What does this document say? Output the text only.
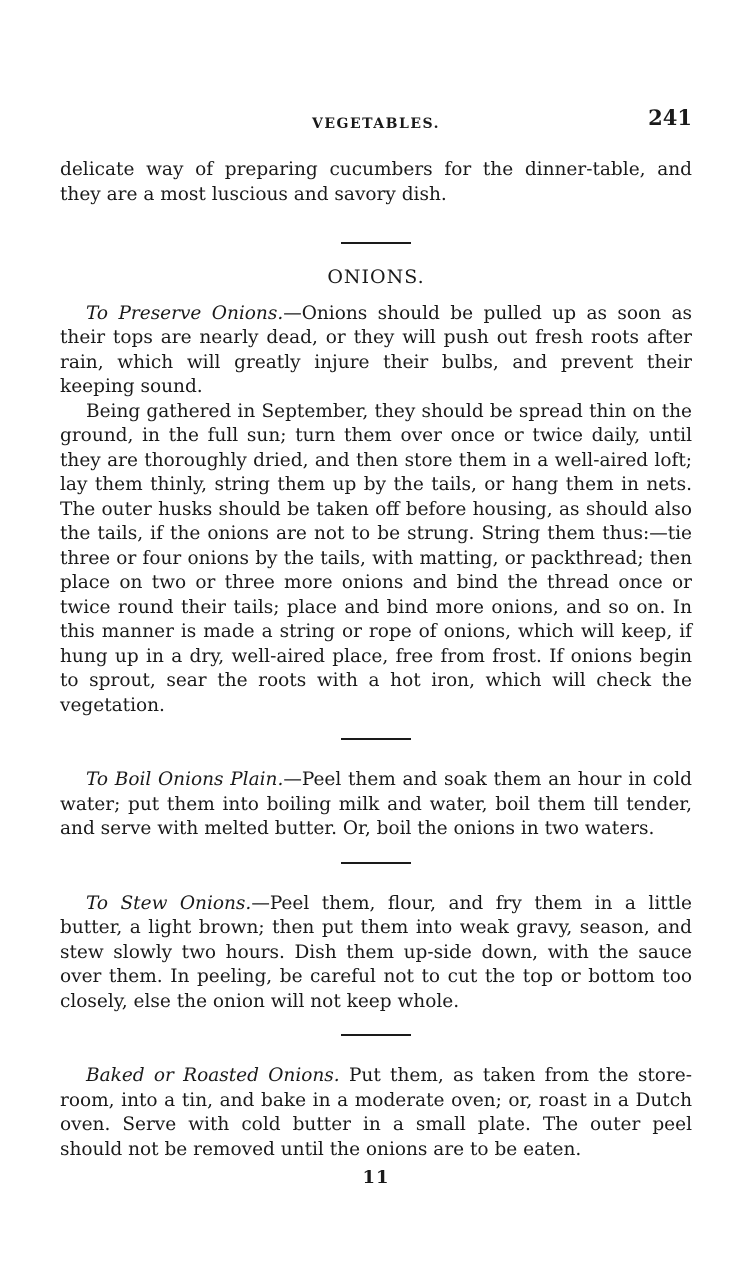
VEGETABLES.	241

delicate way of preparing cucumbers for the dinner-table, and they are a most luscious and savory dish.

ONIONS.

To Preserve Onions.—Onions should be pulled up as soon as their tops are nearly dead, or they will push out fresh roots after rain, which will greatly injure their bulbs, and prevent their keeping sound.

Being gathered in September, they should be spread thin on the ground, in the full sun; turn them over once or twice daily, until they are thoroughly dried, and then store them in a well-aired loft; lay them thinly, string them up by the tails, or hang them in nets. The outer husks should be taken off before housing, as should also the tails, if the onions are not to be strung. String them thus:—tie three or four onions by the tails, with matting, or packthread; then place on two or three more onions and bind the thread once or twice round their tails; place and bind more onions, and so on. In this manner is made a string or rope of onions, which will keep, if hung up in a dry, well-aired place, free from frost. If onions begin to sprout, sear the roots with a hot iron, which will check the vegetation.

To Boil Onions Plain.—Peel them and soak them an hour in cold water; put them into boiling milk and water, boil them till tender, and serve with melted butter. Or, boil the onions in two waters.

To Stew Onions.—Peel them, flour, and fry them in a little butter, a light brown; then put them into weak gravy, season, and stew slowly two hours. Dish them up-side down, with the sauce over them. In peeling, be careful not to cut the top or bottom too closely, else the onion will not keep whole.

Baked or Roasted Onions. Put them, as taken from the store-room, into a tin, and bake in a moderate oven; or, roast in a Dutch oven. Serve with cold butter in a small plate. The outer peel should not be removed until the onions are to be eaten.

11
